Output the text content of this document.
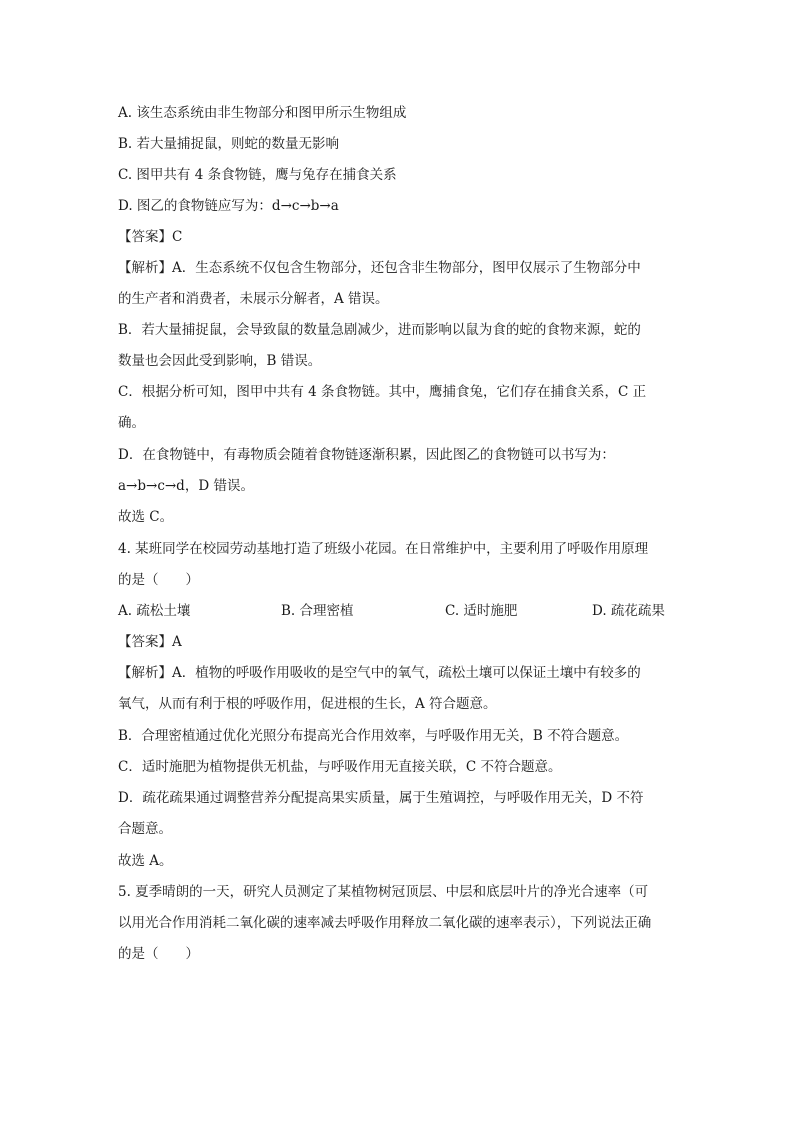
A. 该生态系统由非生物部分和图甲所示生物组成
B. 若大量捕捉鼠，则蛇的数量无影响
C. 图甲共有 4 条食物链，鹰与兔存在捕食关系
D. 图乙的食物链应写为：d→c→b→a
【答案】C
【解析】A．生态系统不仅包含生物部分，还包含非生物部分，图甲仅展示了生物部分中
的生产者和消费者，未展示分解者，A 错误。
B．若大量捕捉鼠，会导致鼠的数量急剧减少，进而影响以鼠为食的蛇的食物来源，蛇的
数量也会因此受到影响，B 错误。
C．根据分析可知，图甲中共有 4 条食物链。其中，鹰捕食兔，它们存在捕食关系，C 正
确。
D．在食物链中，有毒物质会随着食物链逐渐积累，因此图乙的食物链可以书写为：
a→b→c→d，D 错误。
故选 C。
4. 某班同学在校园劳动基地打造了班级小花园。在日常维护中，主要利用了呼吸作用原理
的是（　　）
A. 疏松土壤	B. 合理密植	C. 适时施肥	D. 疏花疏果
【答案】A
【解析】A．植物的呼吸作用吸收的是空气中的氧气，疏松土壤可以保证土壤中有较多的
氧气，从而有利于根的呼吸作用，促进根的生长，A 符合题意。
B．合理密植通过优化光照分布提高光合作用效率，与呼吸作用无关，B 不符合题意。
C．适时施肥为植物提供无机盐，与呼吸作用无直接关联，C 不符合题意。
D．疏花疏果通过调整营养分配提高果实质量，属于生殖调控，与呼吸作用无关，D 不符
合题意。
故选 A。
5. 夏季晴朗的一天，研究人员测定了某植物树冠顶层、中层和底层叶片的净光合速率（可
以用光合作用消耗二氧化碳的速率减去呼吸作用释放二氧化碳的速率表示），下列说法正确
的是（　　）
